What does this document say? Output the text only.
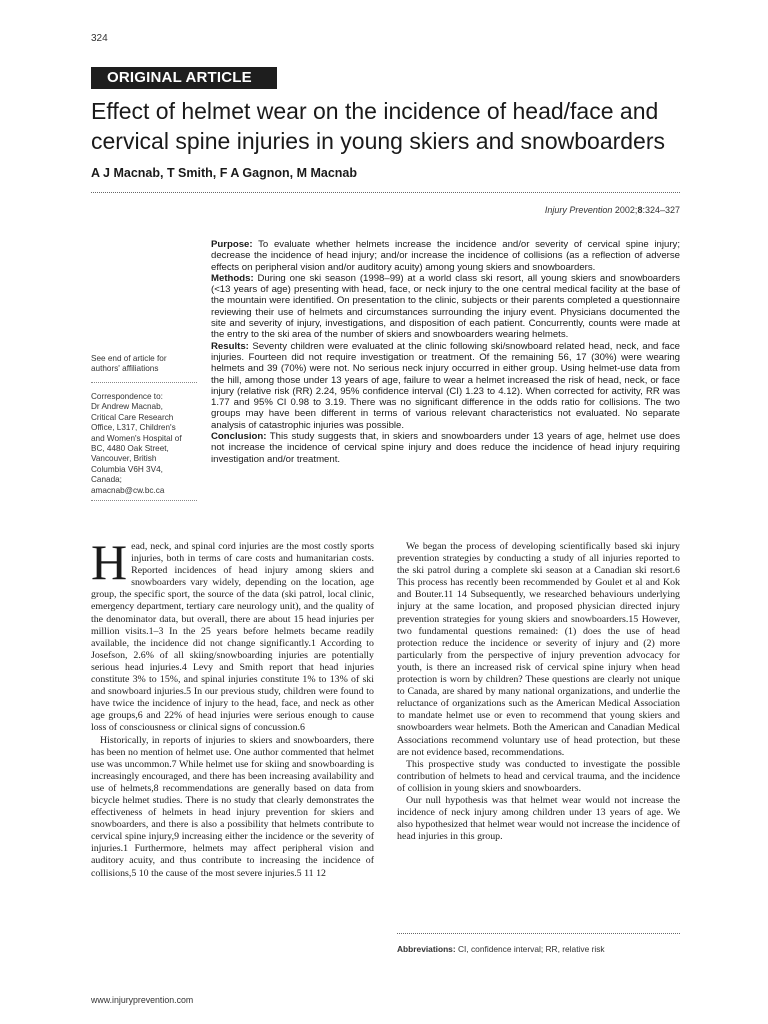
324
ORIGINAL ARTICLE
Effect of helmet wear on the incidence of head/face and
cervical spine injuries in young skiers and snowboarders
A J Macnab, T Smith, F A Gagnon, M Macnab
Injury Prevention 2002;8:324–327

Purpose: To evaluate whether helmets increase the incidence and/or severity of cervical spine injury; decrease the incidence of head injury; and/or increase the incidence of collisions (as a reflection of adverse effects on peripheral vision and/or auditory acuity) among young skiers and snowboarders.

Methods: During one ski season (1998–99) at a world class ski resort, all young skiers and snowboarders (<13 years of age) presenting with head, face, or neck injury to the one central medical facility at the base of the mountain were identified. On presentation to the clinic, subjects or their parents completed a questionnaire reviewing their use of helmets and circumstances surrounding the injury event. Physicians documented the site and severity of injury, investigations, and disposition of each patient. Concurrently, counts were made at the entry to the ski area of the number of skiers and snowboarders wearing helmets.

Results: Seventy children were evaluated at the clinic following ski/snowboard related head, neck, and face injuries. Fourteen did not require investigation or treatment. Of the remaining 56, 17 (30%) were wearing helmets and 39 (70%) were not. No serious neck injury occurred in either group. Using helmet-use data from the hill, among those under 13 years of age, failure to wear a helmet increased the risk of head, neck, or face injury (relative risk (RR) 2.24, 95% confidence interval (CI) 1.23 to 4.12). When corrected for activity, RR was 1.77 and 95% CI 0.98 to 3.19. There was no significant difference in the odds ratio for collisions. The two groups may have been different in terms of various relevant characteristics not evaluated. No separate analysis of catastrophic injuries was possible.

Conclusion: This study suggests that, in skiers and snowboarders under 13 years of age, helmet use does not increase the incidence of cervical spine injury and does reduce the incidence of head injury requiring investigation and/or treatment.

See end of article for authors' affiliations
Correspondence to:
Dr Andrew Macnab,
Critical Care Research
Office, L317, Children's
and Women's Hospital of
BC, 4480 Oak Street,
Vancouver, British
Columbia V6H 3V4,
Canada;
amacnab@cw.bc.ca
H ead, neck, and spinal cord injuries are the most costly sports injuries, both in terms of care costs and humanitarian costs. Reported incidences of head injury among skiers and snowboarders vary widely, depending on the location, age group, the specific sport, the source of the data (ski patrol, local clinic, emergency department, tertiary care neurology unit), and the quality of the denominator data, but overall, there are about 15 head injuries per million visits.1–3 In the 25 years before helmets became readily available, the incidence did not change significantly.1 According to Josefson, 2.6% of all skiing/snowboarding injuries are potentially serious head injuries.4 Levy and Smith report that head injuries constitute 3% to 15%, and spinal injuries constitute 1% to 13% of ski and snowboard injuries.5 In our previous study, children were found to have twice the incidence of injury to the head, face, and neck as other age groups,6 and 22% of head injuries were serious enough to cause loss of consciousness or clinical signs of concussion.6

Historically, in reports of injuries to skiers and snowboarders, there has been no mention of helmet use. One author commented that helmet use was uncommon.7 While helmet use for skiing and snowboarding is increasingly encouraged, and there has been increasing availability and use of helmets,8 recommendations are generally based on data from bicycle helmet studies. There is no study that clearly demonstrates the effectiveness of helmets in head injury prevention for skiers and snowboarders, and there is also a possibility that helmets contribute to cervical spine injury,9 increasing either the incidence or the severity of injuries.1 Furthermore, helmets may affect peripheral vision and auditory acuity, and thus contribute to increasing the incidence of collisions,5 10 the cause of the most severe injuries.5 11 12

We began the process of developing scientifically based ski injury prevention strategies by conducting a study of all injuries reported to the ski patrol during a complete ski season at a Canadian ski resort.6 This process has recently been recommended by Goulet et al and Kok and Bouter.11 14 Subsequently, we researched behaviours underlying injury at the same location, and proposed physician directed injury prevention strategies for young skiers and snowboarders.15 However, two fundamental questions remained: (1) does the use of head protection reduce the incidence or severity of injury and (2) more particularly from the perspective of injury prevention advocacy for youth, is there an increased risk of cervical spine injury when head protection is worn by children? These questions are clearly not unique to Canada, are shared by many national organizations, and underlie the reluctance of organizations such as the American Medical Association to mandate helmet use or even to recommend that young skiers and snowboarders wear helmets. Both the American and Canadian Medical Associations recommend voluntary use of head protection, but these are not evidence based, recommendations.

This prospective study was conducted to investigate the possible contribution of helmets to head and cervical trauma, and the incidence of collision in young skiers and snowboarders.

Our null hypothesis was that helmet wear would not increase the incidence of neck injury among children under 13 years of age. We also hypothesized that helmet wear would not increase the incidence of head injuries in this group.

Abbreviations: CI, confidence interval; RR, relative risk
www.injuryprevention.com
